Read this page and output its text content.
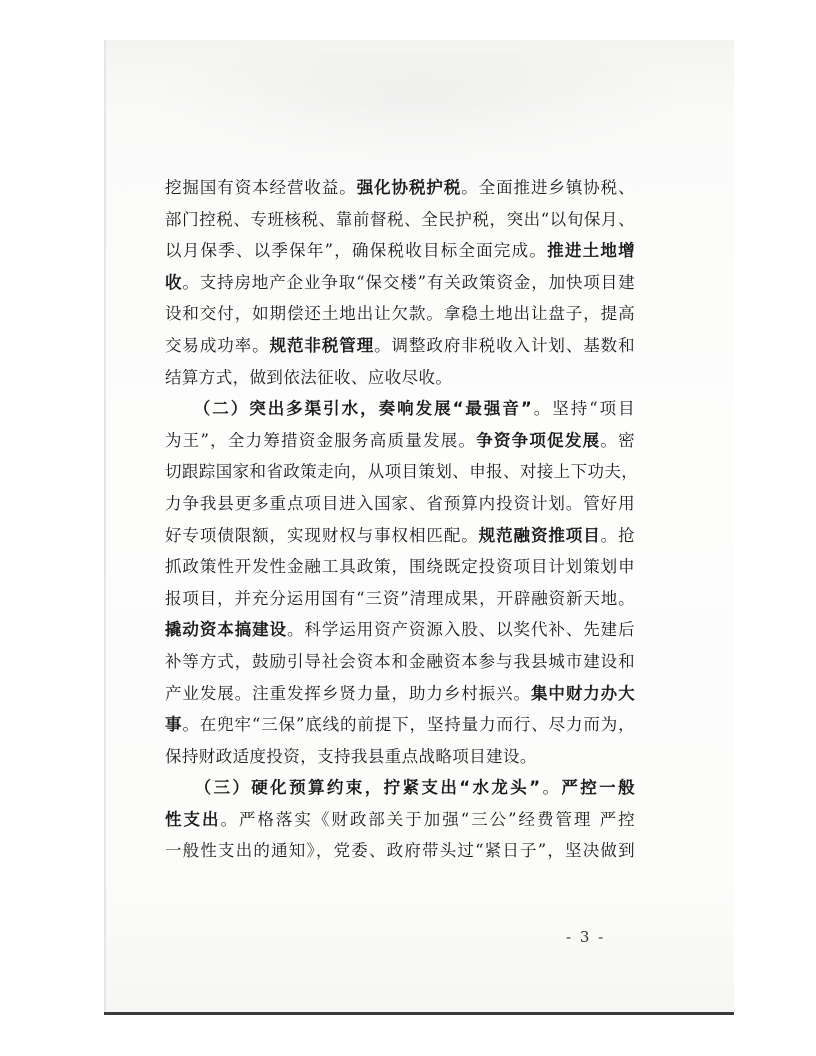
挖掘国有资本经营收益。强化协税护税。全面推进乡镇协税、
部门控税、专班核税、靠前督税、全民护税，突出“以旬保月、
以月保季、以季保年”，确保税收目标全面完成。推进土地增
收。支持房地产企业争取“保交楼”有关政策资金，加快项目建
设和交付，如期偿还土地出让欠款。拿稳土地出让盘子，提高
交易成功率。规范非税管理。调整政府非税收入计划、基数和
结算方式，做到依法征收、应收尽收。
　　（二）突出多渠引水，奏响发展“最强音”。坚持“项目
为王”，全力筹措资金服务高质量发展。争资争项促发展。密
切跟踪国家和省政策走向，从项目策划、申报、对接上下功夫，
力争我县更多重点项目进入国家、省预算内投资计划。管好用
好专项债限额，实现财权与事权相匹配。规范融资推项目。抢
抓政策性开发性金融工具政策，围绕既定投资项目计划策划申
报项目，并充分运用国有“三资”清理成果，开辟融资新天地。
撬动资本搞建设。科学运用资产资源入股、以奖代补、先建后
补等方式，鼓励引导社会资本和金融资本参与我县城市建设和
产业发展。注重发挥乡贤力量，助力乡村振兴。集中财力办大
事。在兜牢“三保”底线的前提下，坚持量力而行、尽力而为，
保持财政适度投资，支持我县重点战略项目建设。
　　（三）硬化预算约束，拧紧支出“水龙头”。严控一般
性支出。严格落实《财政部关于加强“三公”经费管理 严控
一般性支出的通知》，党委、政府带头过“紧日子”，坚决做到
- 3 -
